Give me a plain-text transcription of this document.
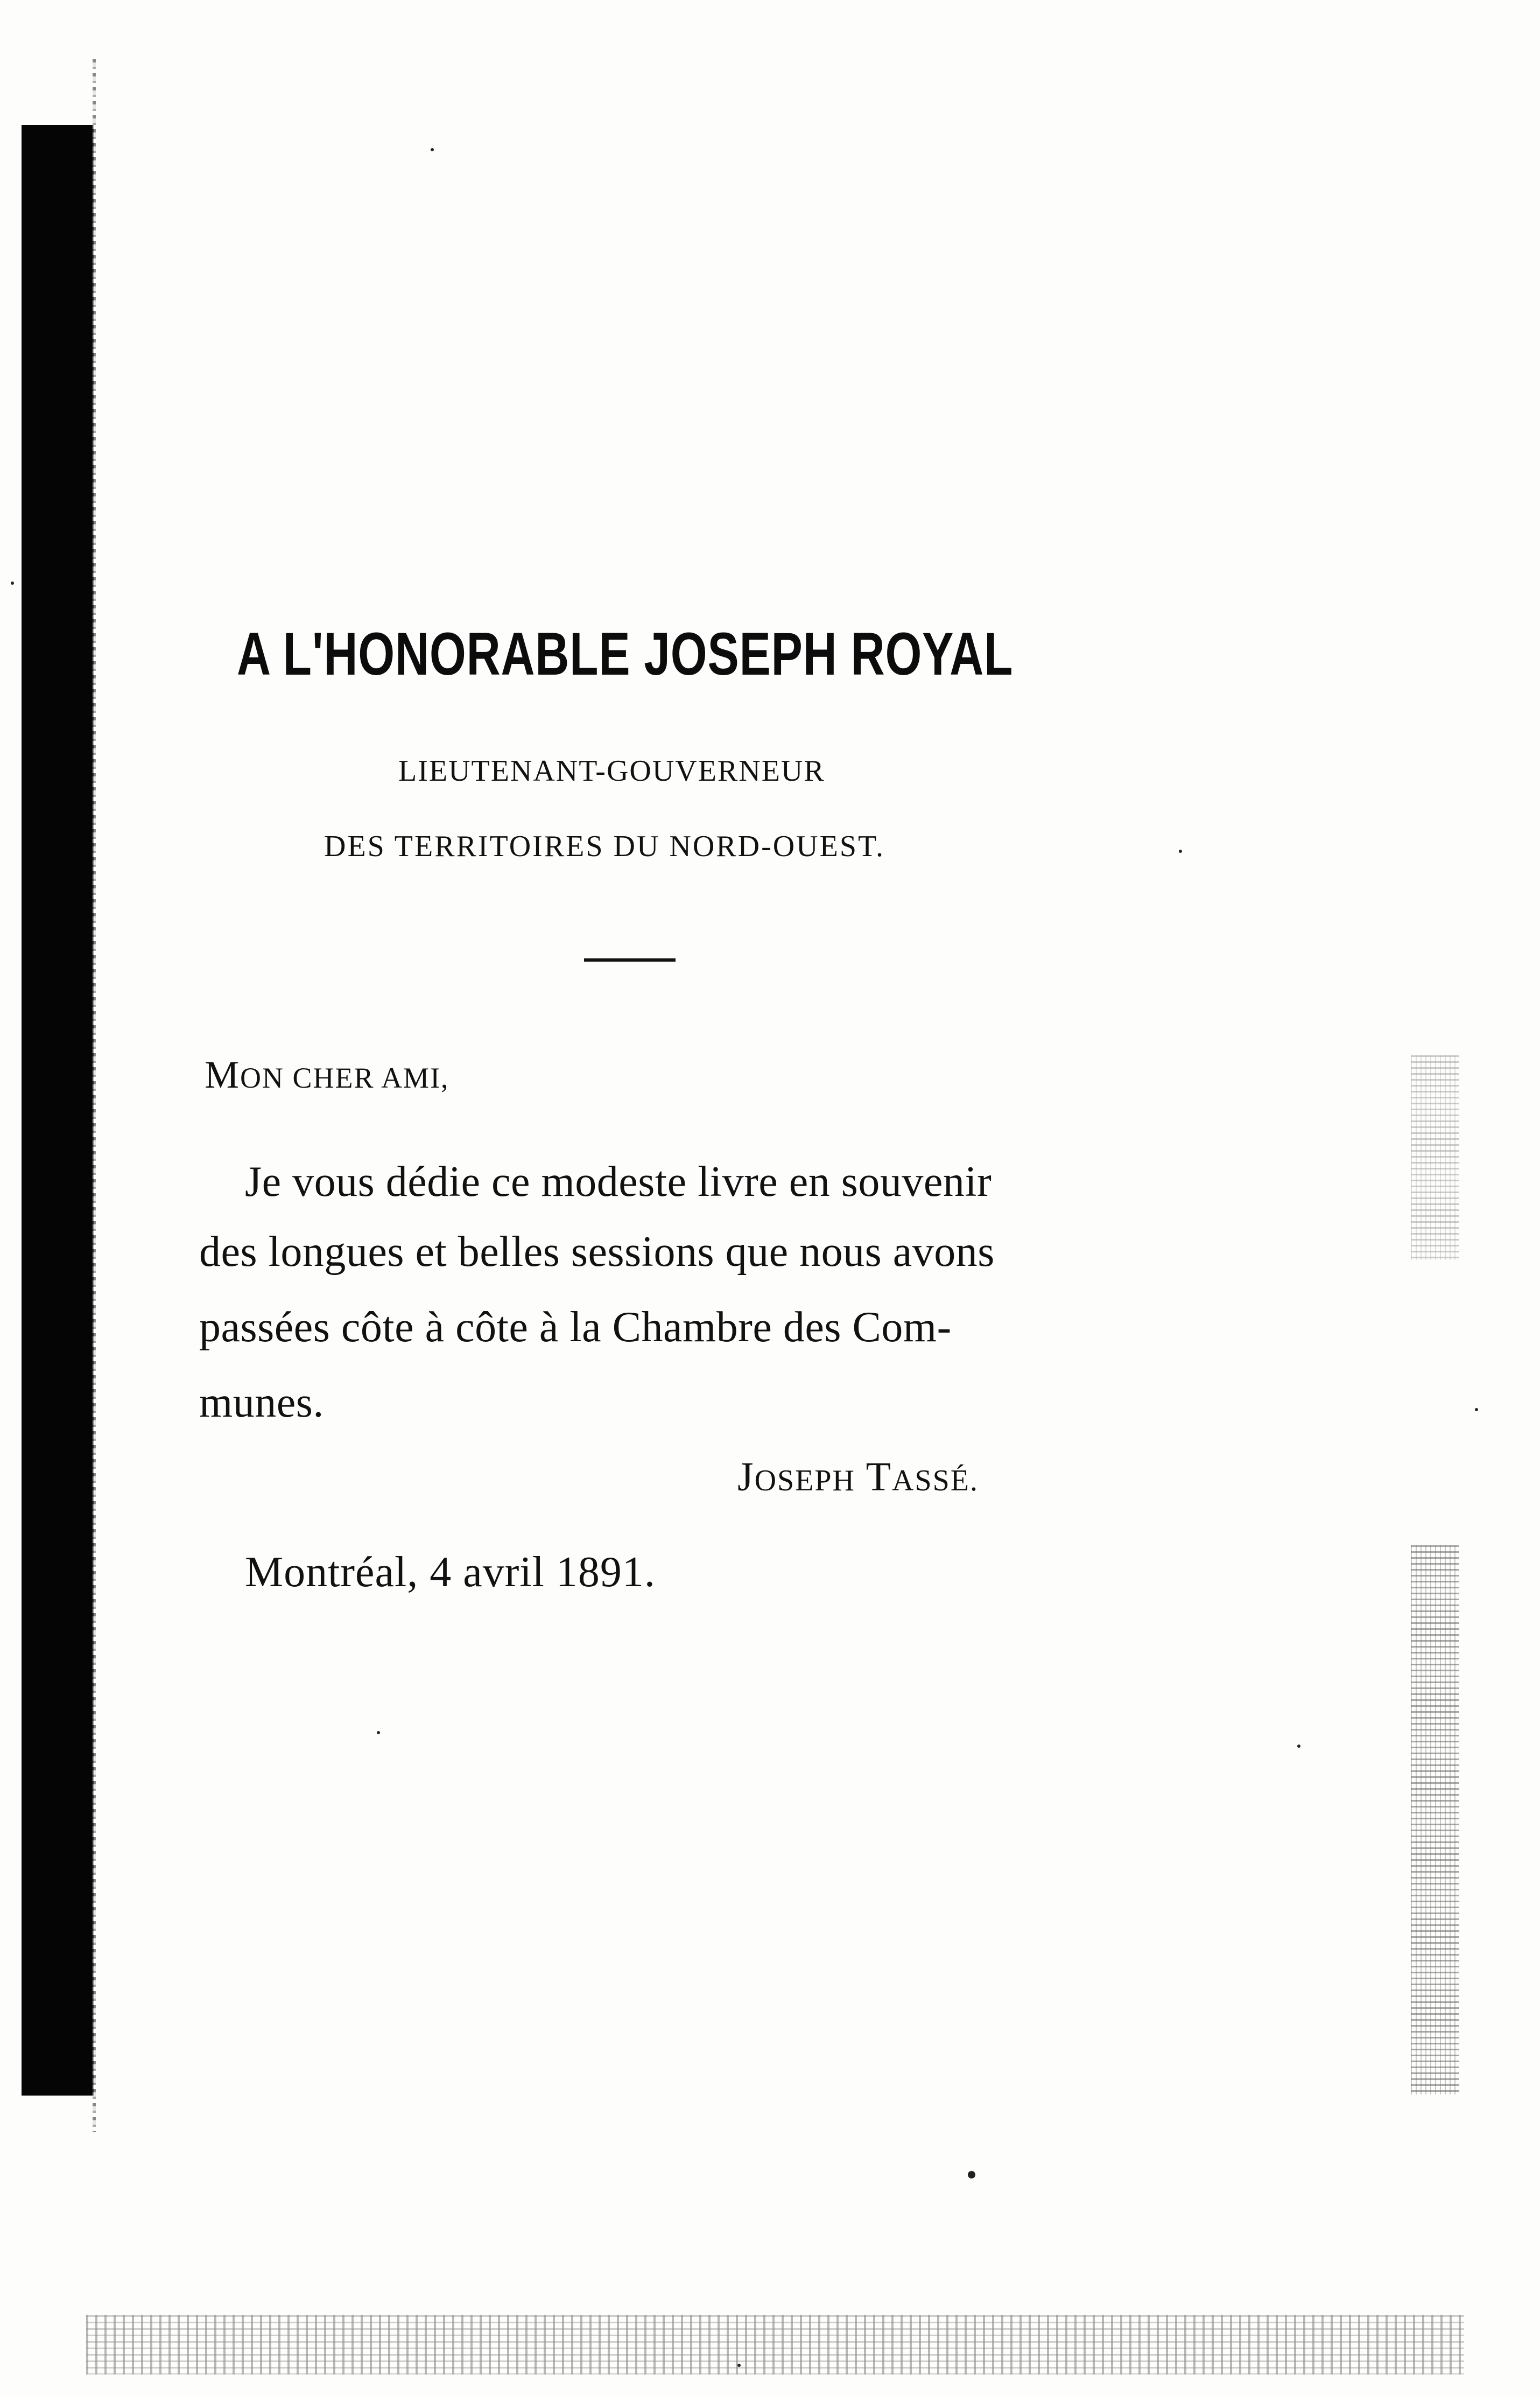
A L'HONORABLE JOSEPH ROYAL
LIEUTENANT-GOUVERNEUR
DES TERRITOIRES DU NORD-OUEST.
MON CHER AMI,
Je vous dédie ce modeste livre en souvenir
des longues et belles sessions que nous avons
passées côte à côte à la Chambre des Com-
munes.
JOSEPH TASSÉ.
Montréal, 4 avril 1891.
